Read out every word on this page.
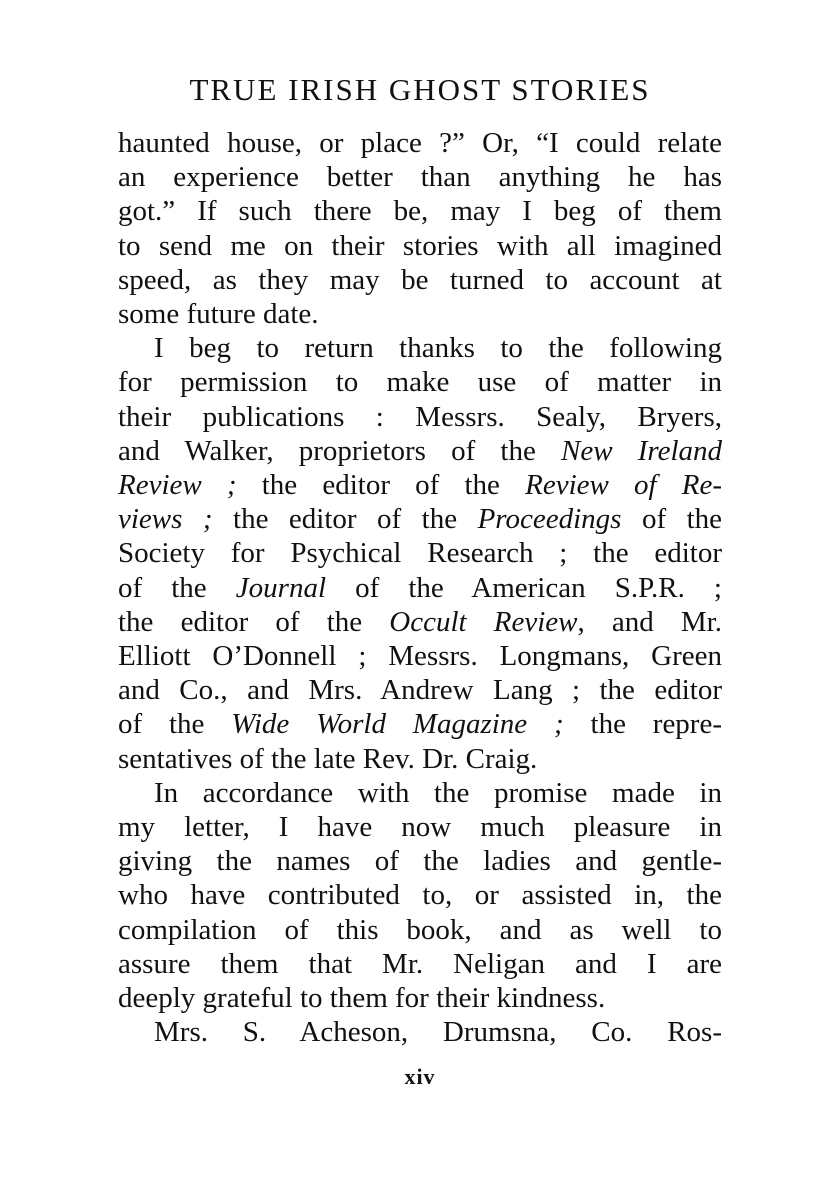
TRUE IRISH GHOST STORIES
haunted house, or place ?” Or, “I could relate
an experience better than anything he has
got.” If such there be, may I beg of them
to send me on their stories with all imagined
speed, as they may be turned to account at
some future date.
I beg to return thanks to the following
for permission to make use of matter in
their publications : Messrs. Sealy, Bryers,
and Walker, proprietors of the New Ireland
Review ; the editor of the Review of Re-
views ; the editor of the Proceedings of the
Society for Psychical Research ; the editor
of the Journal of the American S.P.R. ;
the editor of the Occult Review, and Mr.
Elliott O’Donnell ; Messrs. Longmans, Green
and Co., and Mrs. Andrew Lang ; the editor
of the Wide World Magazine ; the repre-
sentatives of the late Rev. Dr. Craig.
In accordance with the promise made in
my letter, I have now much pleasure in
giving the names of the ladies and gentle-
who have contributed to, or assisted in, the
compilation of this book, and as well to
assure them that Mr. Neligan and I are
deeply grateful to them for their kindness.
Mrs. S. Acheson, Drumsna, Co. Ros-
xiv
